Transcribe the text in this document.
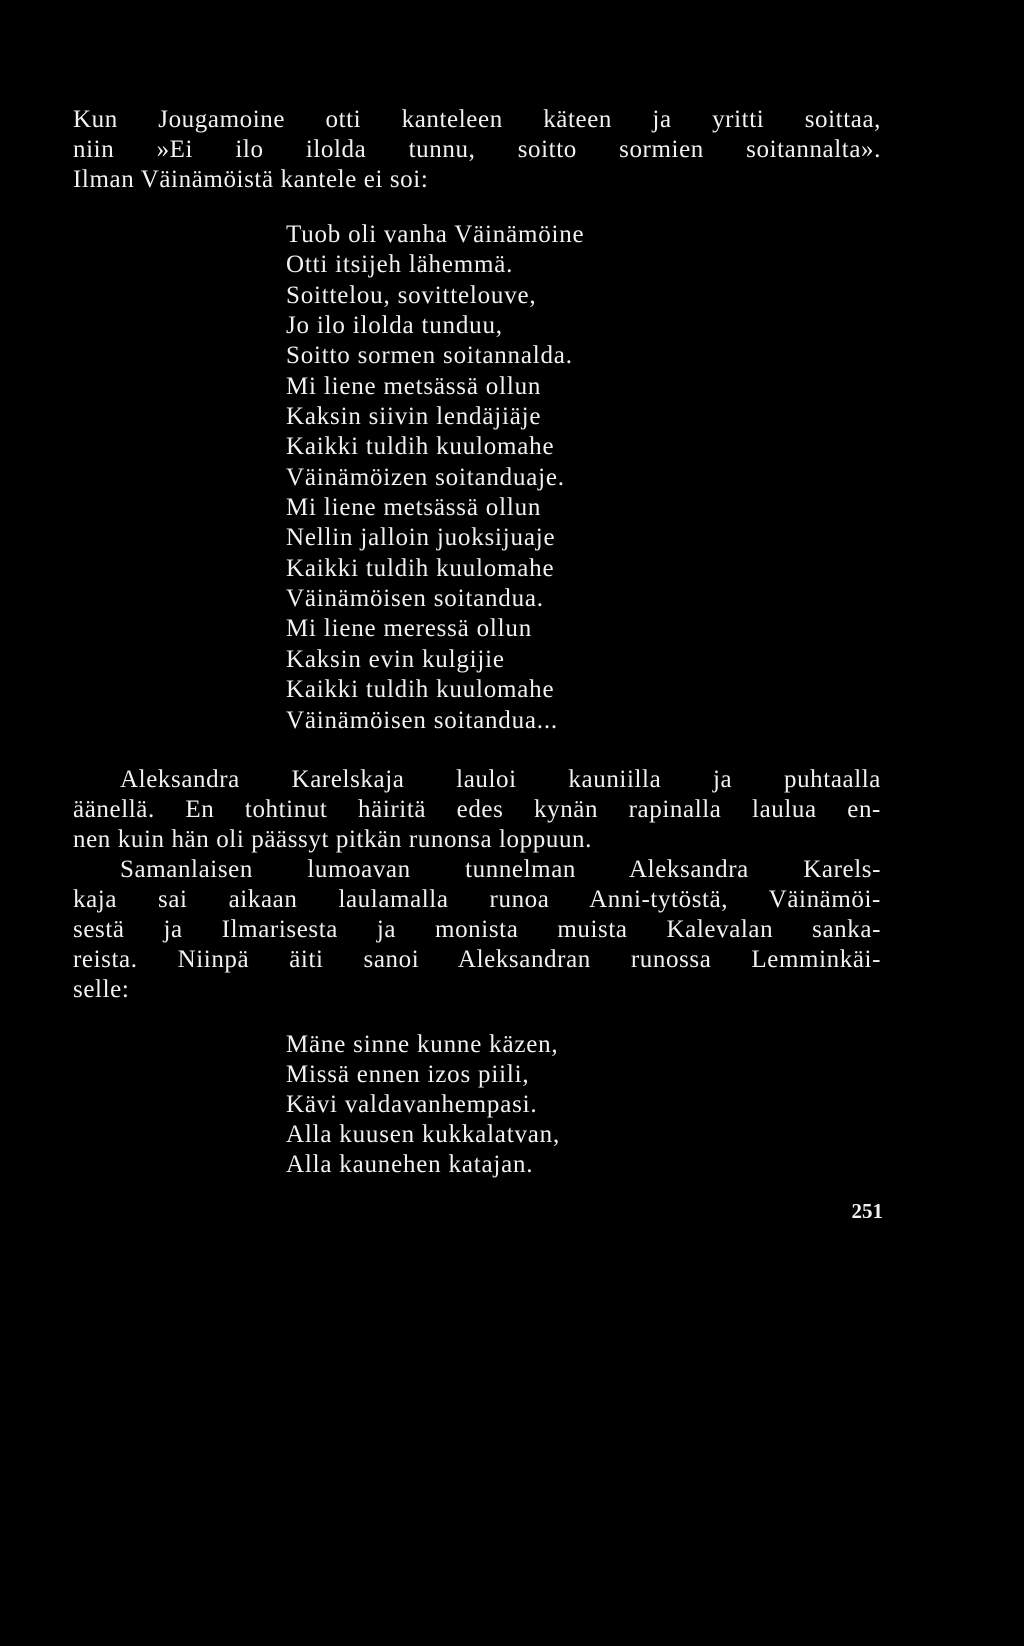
Kun Jougamoine otti kanteleen käteen ja yritti soittaa,
niin »Ei ilo ilolda tunnu, soitto sormien soitannalta».
Ilman Väinämöistä kantele ei soi:

Tuob oli vanha Väinämöine
Otti itsijeh lähemmä.
Soittelou, sovittelouve,
Jo ilo ilolda tunduu,
Soitto sormen soitannalda.
Mi liene metsässä ollun
Kaksin siivin lendäjiäje
Kaikki tuldih kuulomahe
Väinämöizen soitanduaje.
Mi liene metsässä ollun
Nellin jalloin juoksijuaje
Kaikki tuldih kuulomahe
Väinämöisen soitandua.
Mi liene meressä ollun
Kaksin evin kulgijie
Kaikki tuldih kuulomahe
Väinämöisen soitandua...

Aleksandra Karelskaja lauloi kauniilla ja puhtaalla
äänellä. En tohtinut häiritä edes kynän rapinalla laulua en-
nen kuin hän oli päässyt pitkän runonsa loppuun.
Samanlaisen lumoavan tunnelman Aleksandra Karels-
kaja sai aikaan laulamalla runoa Anni-tytöstä, Väinämöi-
sestä ja Ilmarisesta ja monista muista Kalevalan sanka-
reista. Niinpä äiti sanoi Aleksandran runossa Lemminkäi-
selle:

Mäne sinne kunne käzen,
Missä ennen izos piili,
Kävi valdavanhempasi.
Alla kuusen kukkalatvan,
Alla kaunehen katajan.
251
